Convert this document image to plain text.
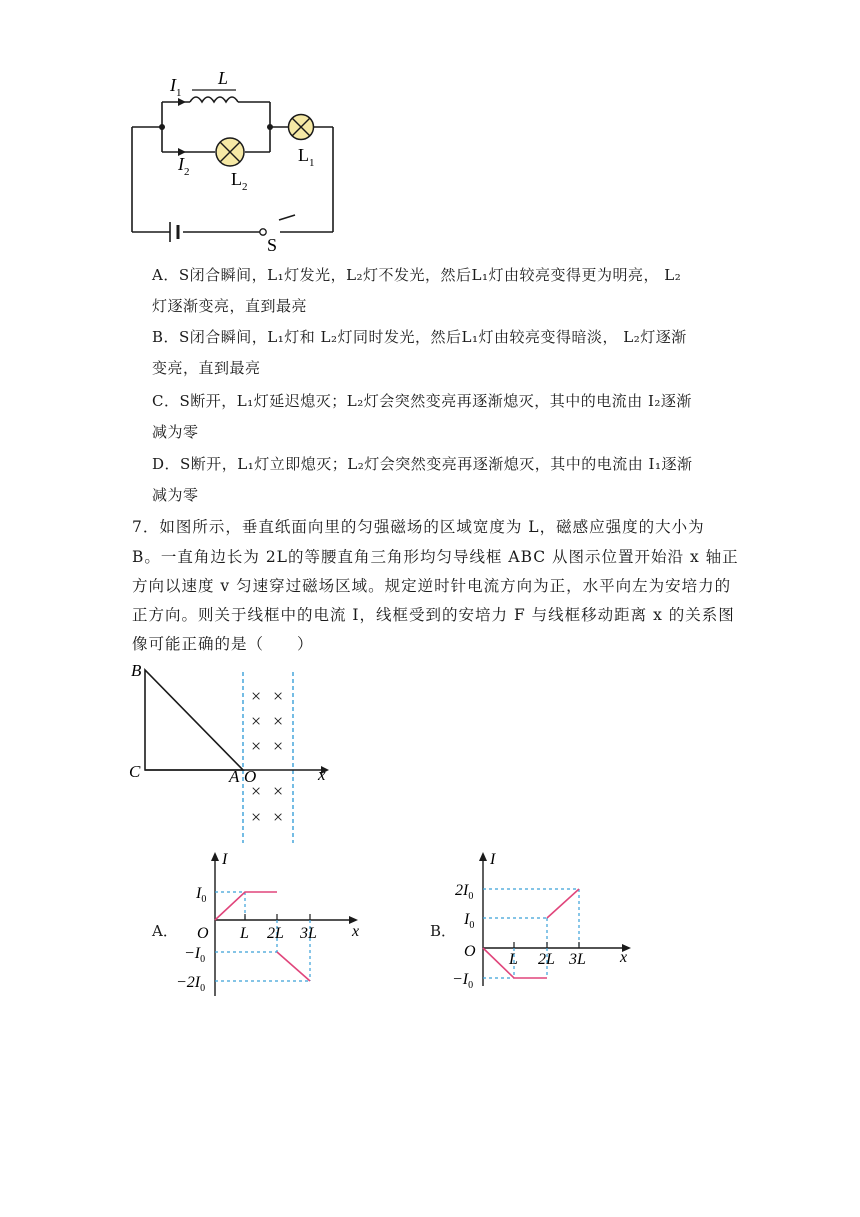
$I_1$
L
$I_2$
$L_1$
$L_2$
S
A．S闭合瞬间，L₁灯发光，L₂灯不发光，然后L₁灯由较亮变得更为明亮， L₂
灯逐渐变亮，直到最亮
B．S闭合瞬间，L₁灯和 L₂灯同时发光，然后L₁灯由较亮变得暗淡， L₂灯逐渐
变亮，直到最亮
C．S断开，L₁灯延迟熄灭；L₂灯会突然变亮再逐渐熄灭，其中的电流由 I₂逐渐
减为零
D．S断开，L₁灯立即熄灭；L₂灯会突然变亮再逐渐熄灭，其中的电流由 I₁逐渐
减为零
7．如图所示，垂直纸面向里的匀强磁场的区域宽度为 L，磁感应强度的大小为
B。一直角边长为 2L的等腰直角三角形均匀导线框 ABC 从图示位置开始沿 x 轴正
方向以速度 v 匀速穿过磁场区域。规定逆时针电流方向为正，水平向左为安培力的
正方向。则关于线框中的电流 I，线框受到的安培力 F 与线框移动距离 x 的关系图
像可能正确的是（　　）
× ×
× ×
× ×
× ×
× ×
B
C	A O	x
A．
I
x
O L 2L 3L
$I_0$
$-I_0$
$-2I_0$
B．
I
x
O L 2L 3L
$2I_0$
$I_0$
$-I_0$
